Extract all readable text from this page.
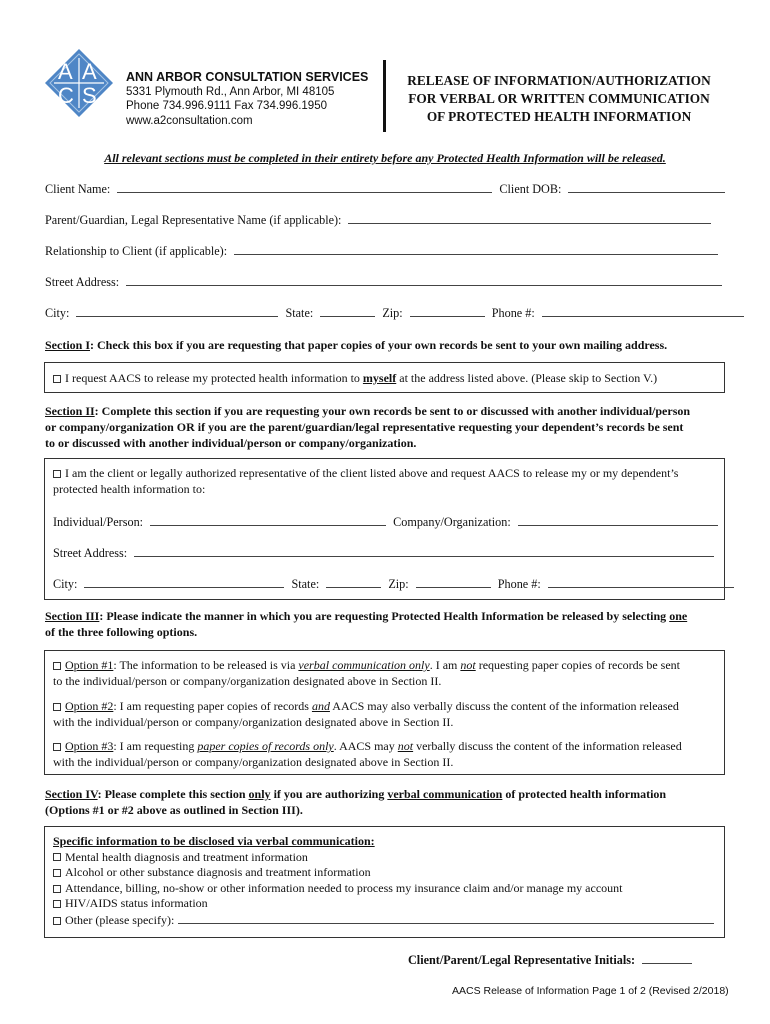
A A
C S
ANN ARBOR CONSULTATION SERVICES
5331 Plymouth Rd., Ann Arbor, MI 48105
Phone 734.996.9111 Fax 734.996.1950
www.a2consultation.com
RELEASE OF INFORMATION/AUTHORIZATION
FOR VERBAL OR WRITTEN COMMUNICATION
OF PROTECTED HEALTH INFORMATION
All relevant sections must be completed in their entirety before any Protected Health Information will be released.
Client Name:	Client DOB:
Parent/Guardian, Legal Representative Name (if applicable):
Relationship to Client (if applicable):
Street Address:
City:	State:	Zip:	Phone #:
Section I: Check this box if you are requesting that paper copies of your own records be sent to your own mailing address.
I request AACS to release my protected health information to myself at the address listed above. (Please skip to Section V.)
Section II: Complete this section if you are requesting your own records be sent to or discussed with another individual/person
or company/organization OR if you are the parent/guardian/legal representative requesting your dependent’s records be sent
to or discussed with another individual/person or company/organization.
I am the client or legally authorized representative of the client listed above and request AACS to release my or my dependent’s
protected health information to:
Individual/Person:	Company/Organization:
Street Address:
City:	State:	Zip:	Phone #:
Section III: Please indicate the manner in which you are requesting Protected Health Information be released by selecting one
of the three following options.
Option #1: The information to be released is via verbal communication only. I am not requesting paper copies of records be sent
to the individual/person or company/organization designated above in Section II.
Option #2: I am requesting paper copies of records and AACS may also verbally discuss the content of the information released
with the individual/person or company/organization designated above in Section II.
Option #3: I am requesting paper copies of records only. AACS may not verbally discuss the content of the information released
with the individual/person or company/organization designated above in Section II.
Section IV: Please complete this section only if you are authorizing verbal communication of protected health information
(Options #1 or #2 above as outlined in Section III).
Specific information to be disclosed via verbal communication:
Mental health diagnosis and treatment information
Alcohol or other substance diagnosis and treatment information
Attendance, billing, no-show or other information needed to process my insurance claim and/or manage my account
HIV/AIDS status information
Other (please specify):
Client/Parent/Legal Representative Initials:
AACS Release of Information Page 1 of 2 (Revised 2/2018)
